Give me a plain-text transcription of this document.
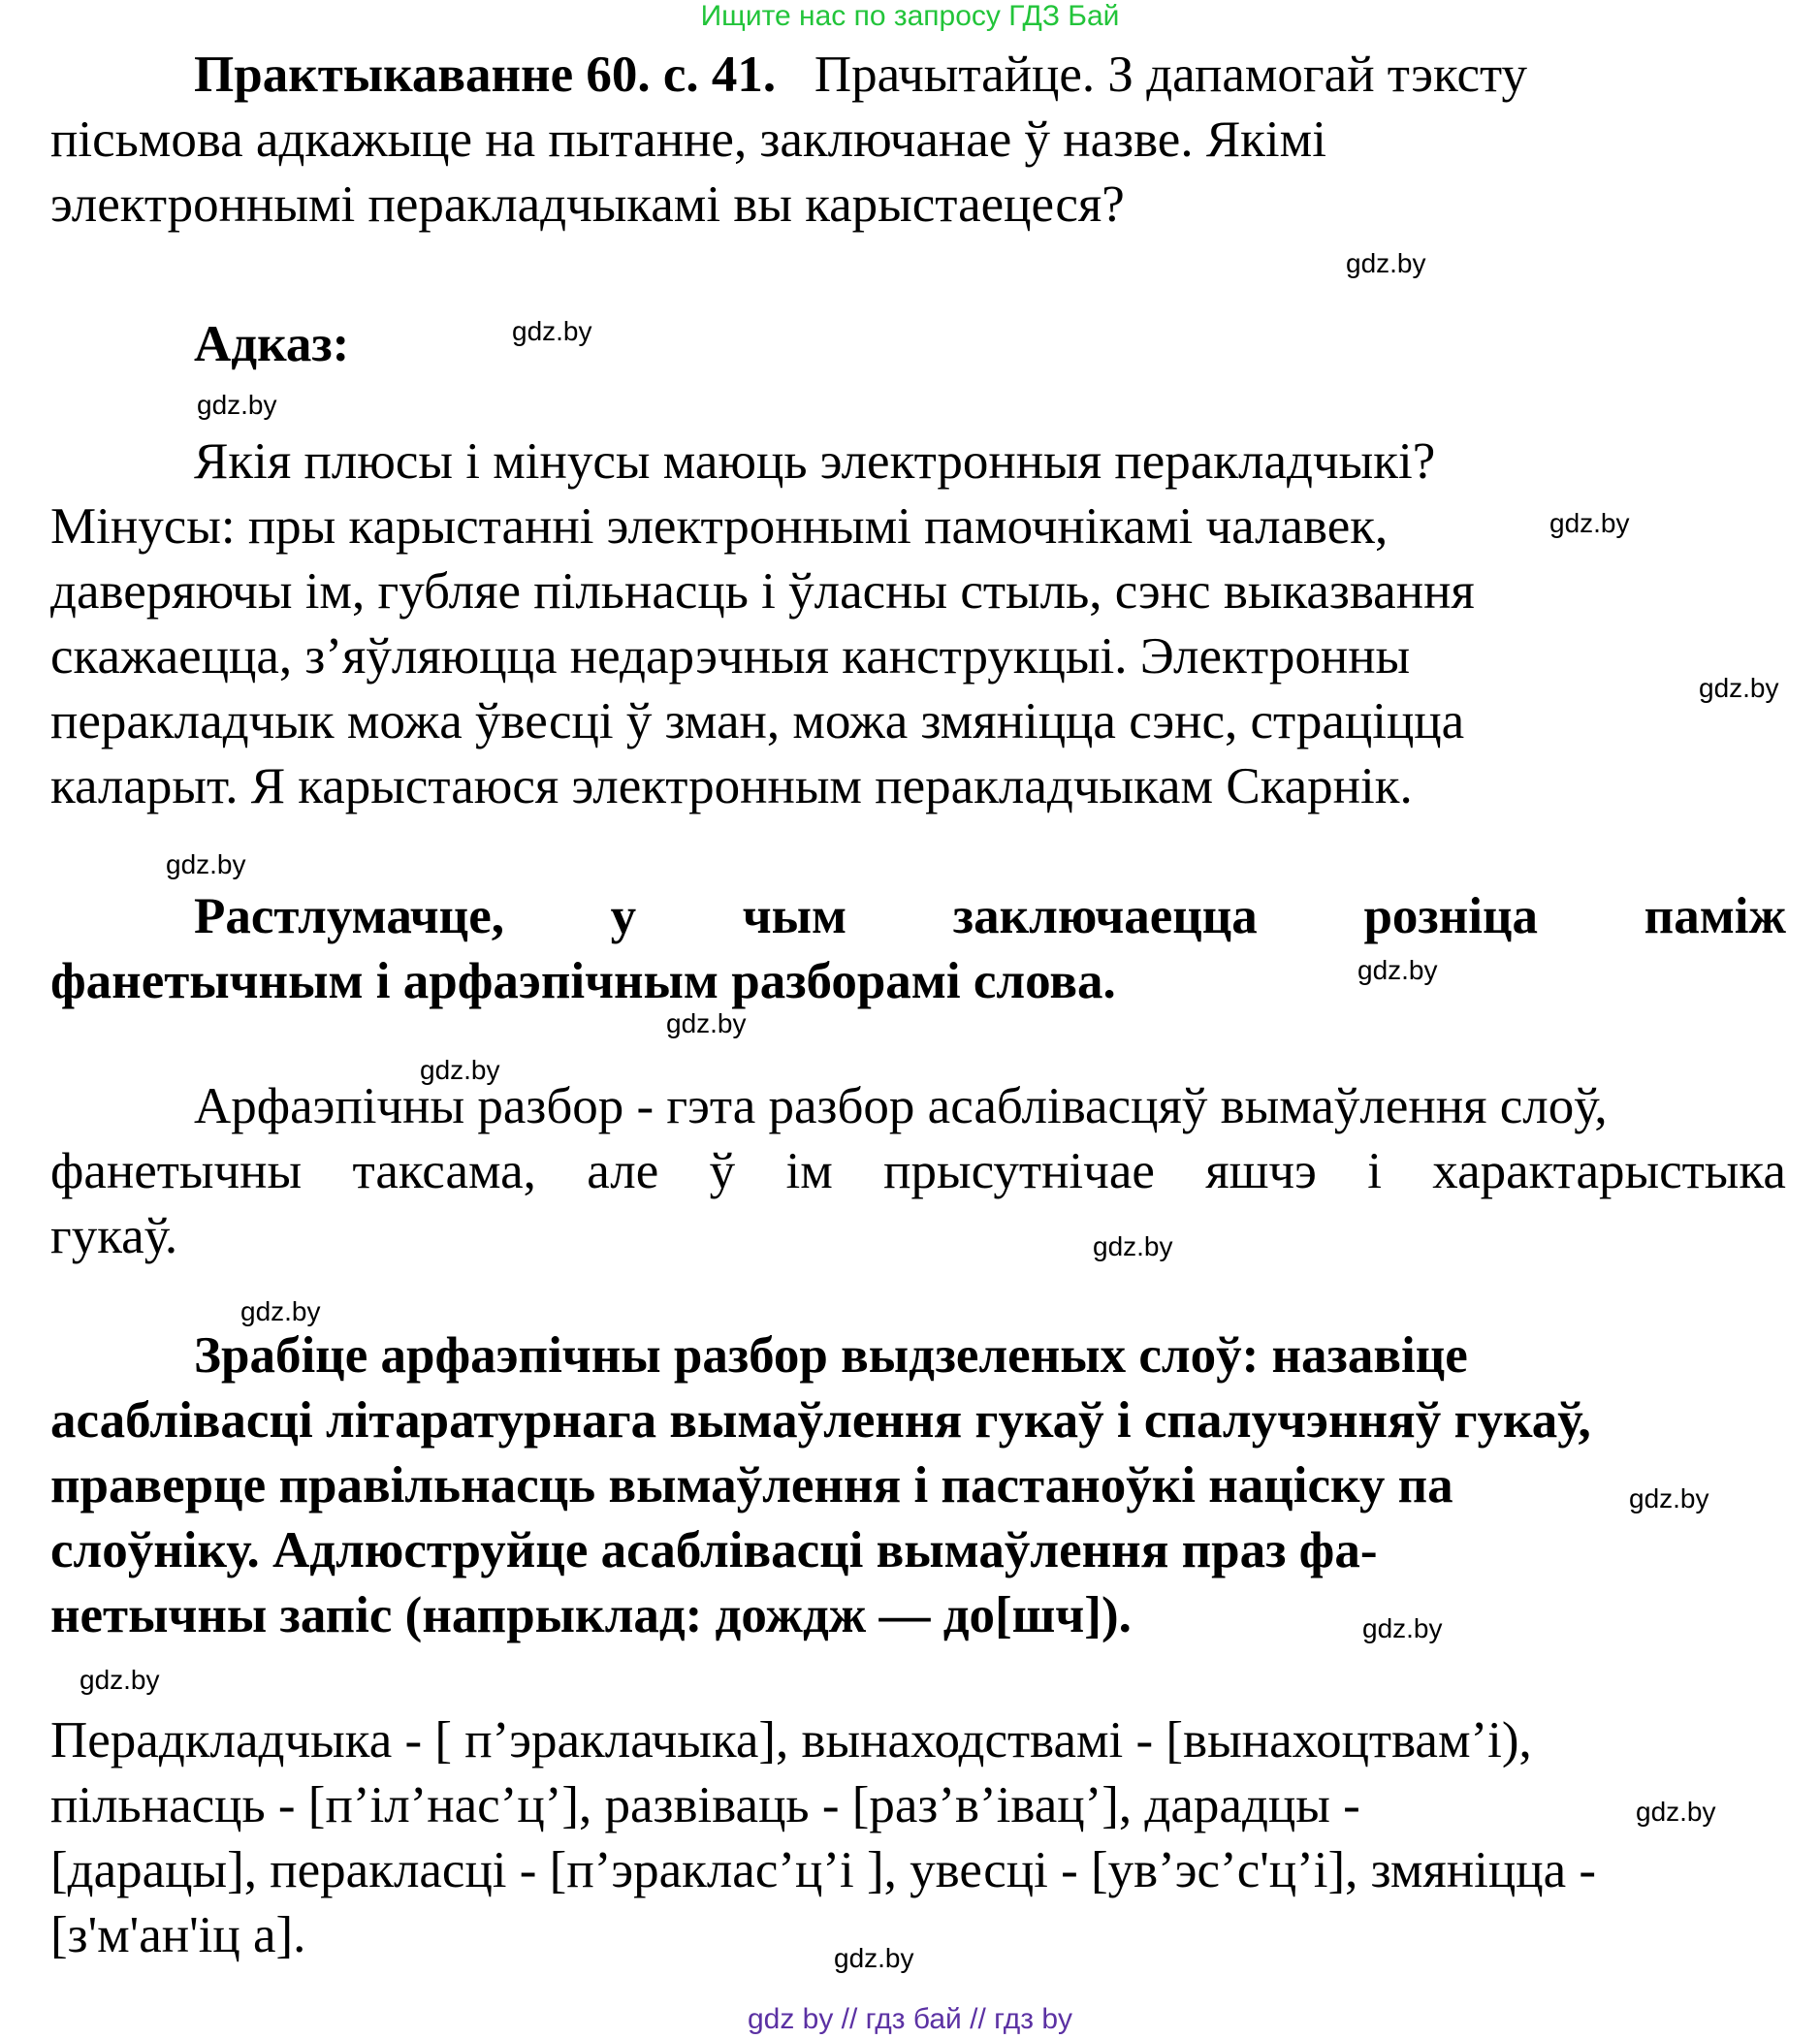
Ищите нас по запросу ГДЗ Бай
Практыкаванне 60. с. 41. Прачытайце. З дапамогай тэксту
пісьмова адкажыце на пытанне, заключанае ў назве. Якімі
электроннымі перакладчыкамі вы карыстаецеся?
Адказ:
Якія плюсы і мінусы маюць электронныя перакладчыкі?
Мінусы: пры карыстанні электроннымі памочнікамі чалавек,
даверяючы ім, губляе пільнасць і ўласны стыль, сэнс выказвання
скажаецца, з’яўляюцца недарэчныя канструкцыі. Электронны
перакладчык можа ўвесці ў зман, можа змяніцца сэнс, страціцца
каларыт. Я карыстаюся электронным перакладчыкам Скарнік.
Растлумачце, у чым заключаецца розніца паміж
фанетычным і арфаэпічным разборамі слова.
Арфаэпічны разбор - гэта разбор асаблівасцяў вымаўлення слоў,
фанетычны таксама, але ў ім прысутнічае яшчэ і характарыстыка
гукаў.
Зрабіце арфаэпічны разбор выдзеленых слоў: назавіце
асаблівасці літаратурнага вымаўлення гукаў і спалучэнняў гукаў,
праверце правільнасць вымаўлення і пастаноўкі націску па
слоўніку. Адлюструйце асаблівасці вымаўлення праз фа-
нетычны запіс (напрыклад: дождж — до[шч]).
Перадкладчыка - [ п’эраклачыка], вынаходствамі - [вынахоцтвам’і),
пільнасць - [п’іл’нас’ц’], развіваць - [раз’в’івац’], дарадцы -
[дарацы], перакласці - [п’эраклас’ц’і ], увесці - [ув’эс’с'ц’і], змяніцца -
[з'м'ан'іц а].
gdz.by
gdz.by
gdz.by
gdz.by
gdz.by
gdz.by
gdz.by
gdz.by
gdz.by
gdz.by
gdz.by
gdz.by
gdz.by
gdz.by
gdz.by
gdz.by
gdz by // гдз бай // гдз by
